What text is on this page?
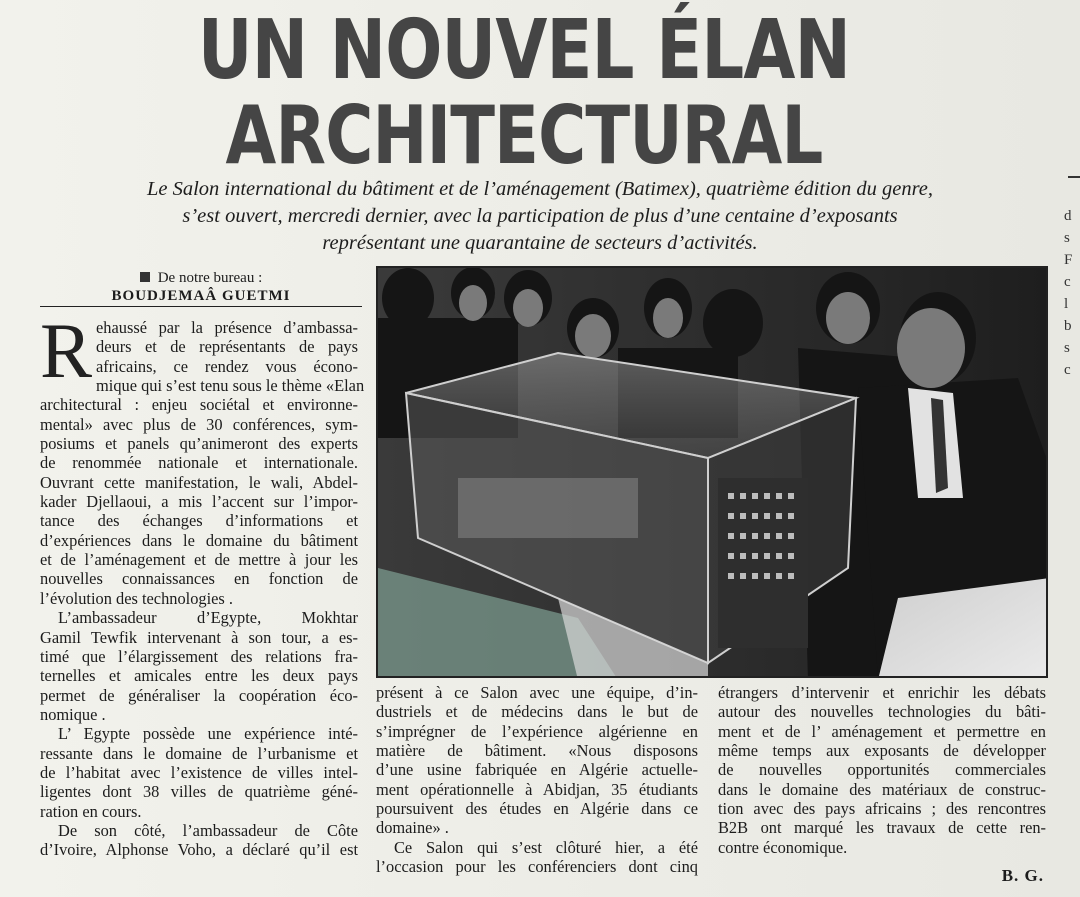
UN NOUVEL ÉLAN
ARCHITECTURAL
Le Salon international du bâtiment et de l’aménagement (Batimex), quatrième édition du genre,
s’est ouvert, mercredi dernier, avec la participation de plus d’une centaine d’exposants
représentant une quarantaine de secteurs d’activités.
d
s
F
c
l
b
s
c
De notre bureau :
BOUDJEMAÂ GUETMI
R ehaussé par la présence d’ambassa-
deurs et de représentants de pays
africains, ce rendez vous écono-
mique qui s’est tenu sous le thème «Elan
architectural : enjeu sociétal et environne-
mental» avec plus de 30 conférences, sym-
posiums et panels qu’animeront des experts
de renommée nationale et internationale.
Ouvrant cette manifestation, le wali, Abdel-
kader Djellaoui, a mis l’accent sur l’impor-
tance des échanges d’informations et
d’expériences dans le domaine du bâtiment
et de l’aménagement et de mettre à jour les
nouvelles connaissances en fonction de
l’évolution des technologies .
L’ambassadeur d’Egypte, Mokhtar
Gamil Tewfik intervenant à son tour, a es-
timé que l’élargissement des relations fra-
ternelles et amicales entre les deux pays
permet de généraliser la coopération éco-
nomique .
L’ Egypte possède une expérience inté-
ressante dans le domaine de l’urbanisme et
de l’habitat avec l’existence de villes intel-
ligentes dont 38 villes de quatrième géné-
ration en cours.
De son côté, l’ambassadeur de Côte
d’Ivoire, Alphonse Voho, a déclaré qu’il est
présent à ce Salon avec une équipe, d’in-
dustriels et de médecins dans le but de
s’imprégner de l’expérience algérienne en
matière de bâtiment. «Nous disposons
d’une usine fabriquée en Algérie actuelle-
ment opérationnelle à Abidjan, 35 étudiants
poursuivent des études en Algérie dans ce
domaine» .
Ce Salon qui s’est clôturé hier, a été
l’occasion pour les conférenciers dont cinq
étrangers d’intervenir et enrichir les débats
autour des nouvelles technologies du bâti-
ment et de l’ aménagement et permettre en
même temps aux exposants de développer
de nouvelles opportunités commerciales
dans le domaine des matériaux de construc-
tion avec des pays africains ; des rencontres
B2B ont marqué les travaux de cette ren-
contre économique.
B. G.
